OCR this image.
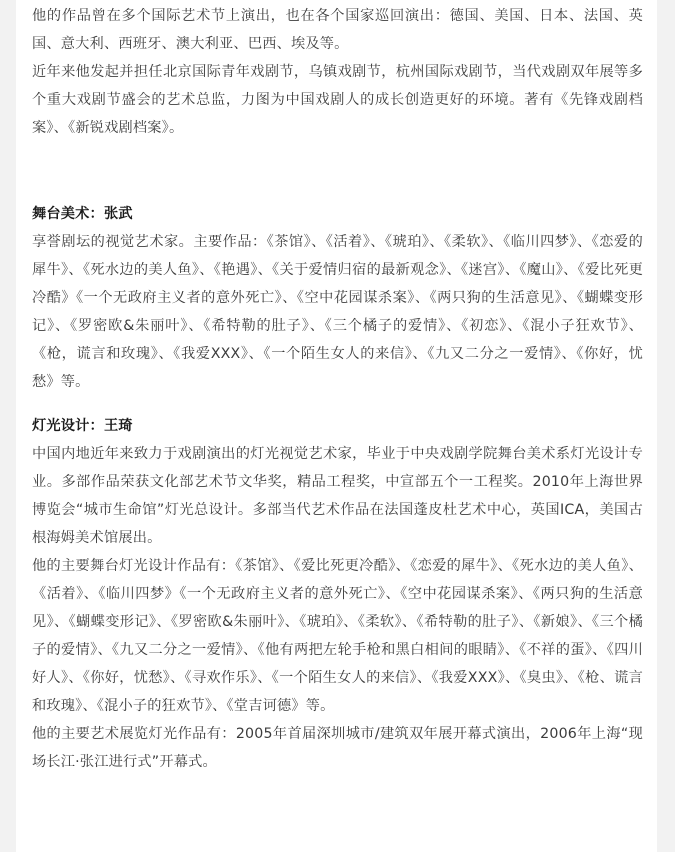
他的作品曾在多个国际艺术节上演出，也在各个国家巡回演出：德国、美国、日本、法国、英国、意大利、西班牙、澳大利亚、巴西、埃及等。

近年来他发起并担任北京国际青年戏剧节，乌镇戏剧节，杭州国际戏剧节，当代戏剧双年展等多个重大戏剧节盛会的艺术总监，力图为中国戏剧人的成长创造更好的环境。著有《先锋戏剧档案》、《新锐戏剧档案》。

舞台美术：张武

享誉剧坛的视觉艺术家。主要作品：《茶馆》、《活着》、《琥珀》、《柔软》、《临川四梦》、《恋爱的犀牛》、《死水边的美人鱼》、《艳遇》、《关于爱情归宿的最新观念》、《迷宫》、《魔山》、《爱比死更冷酷》《一个无政府主义者的意外死亡》、《空中花园谋杀案》、《两只狗的生活意见》、《蝴蝶变形记》、《罗密欧&朱丽叶》、《希特勒的肚子》、《三个橘子的爱情》、《初恋》、《混小子狂欢节》、《枪，谎言和玫瑰》、《我爱XXX》、《一个陌生女人的来信》、《九又二分之一爱情》、《你好，忧愁》等。

灯光设计：王琦

中国内地近年来致力于戏剧演出的灯光视觉艺术家，毕业于中央戏剧学院舞台美术系灯光设计专业。多部作品荣获文化部艺术节文华奖，精品工程奖，中宣部五个一工程奖。2010年上海世界博览会“城市生命馆”灯光总设计。多部当代艺术作品在法国蓬皮杜艺术中心，英国ICA，美国古根海姆美术馆展出。

他的主要舞台灯光设计作品有：《茶馆》、《爱比死更冷酷》、《恋爱的犀牛》、《死水边的美人鱼》、《活着》、《临川四梦》《一个无政府主义者的意外死亡》、《空中花园谋杀案》、《两只狗的生活意见》、《蝴蝶变形记》、《罗密欧&朱丽叶》、《琥珀》、《柔软》、《希特勒的肚子》、《新娘》、《三个橘子的爱情》、《九又二分之一爱情》、《他有两把左轮手枪和黑白相间的眼睛》、《不祥的蛋》、《四川好人》、《你好，忧愁》、《寻欢作乐》、《一个陌生女人的来信》、《我爱XXX》、《臭虫》、《枪、谎言和玫瑰》、《混小子的狂欢节》、《堂吉诃德》等。

他的主要艺术展览灯光作品有：2005年首届深圳城市/建筑双年展开幕式演出，2006年上海“现场长江·张江进行式”开幕式。
